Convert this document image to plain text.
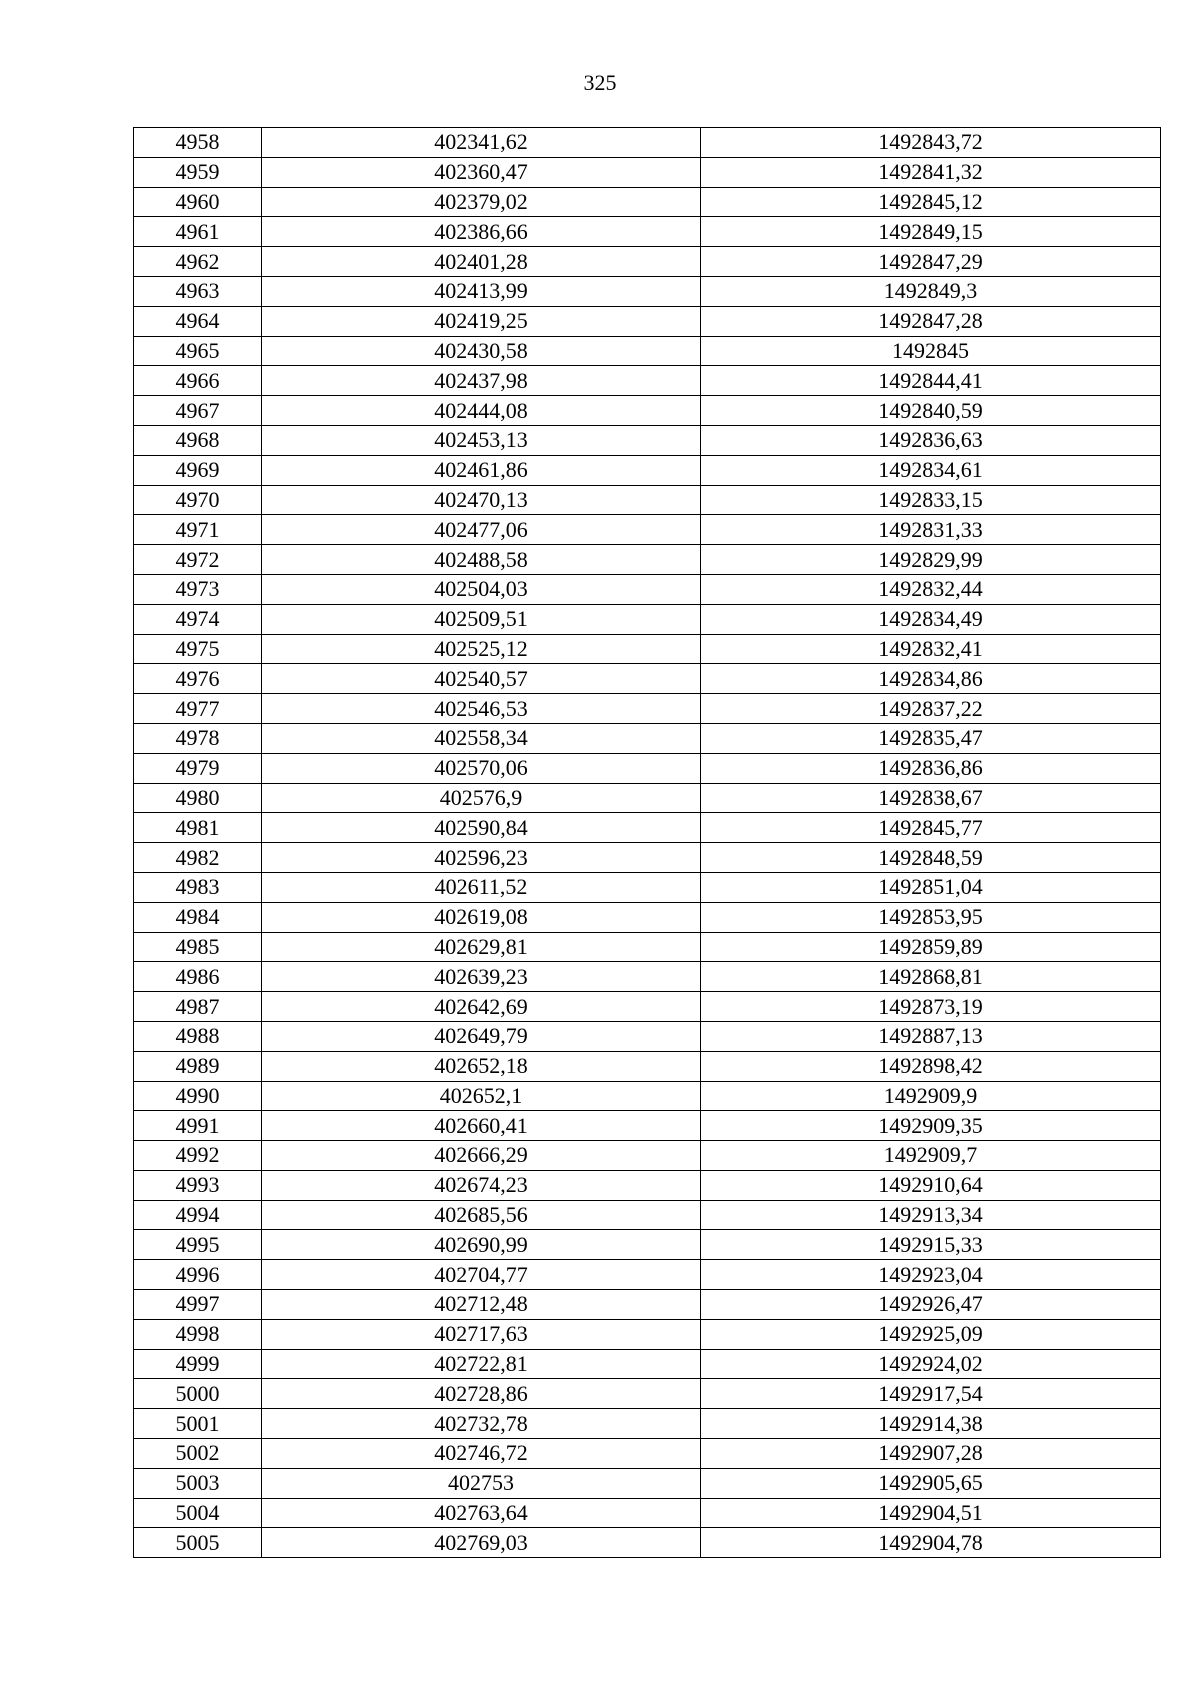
325
4958	402341,62	1492843,72
4959	402360,47	1492841,32
4960	402379,02	1492845,12
4961	402386,66	1492849,15
4962	402401,28	1492847,29
4963	402413,99	1492849,3
4964	402419,25	1492847,28
4965	402430,58	1492845
4966	402437,98	1492844,41
4967	402444,08	1492840,59
4968	402453,13	1492836,63
4969	402461,86	1492834,61
4970	402470,13	1492833,15
4971	402477,06	1492831,33
4972	402488,58	1492829,99
4973	402504,03	1492832,44
4974	402509,51	1492834,49
4975	402525,12	1492832,41
4976	402540,57	1492834,86
4977	402546,53	1492837,22
4978	402558,34	1492835,47
4979	402570,06	1492836,86
4980	402576,9	1492838,67
4981	402590,84	1492845,77
4982	402596,23	1492848,59
4983	402611,52	1492851,04
4984	402619,08	1492853,95
4985	402629,81	1492859,89
4986	402639,23	1492868,81
4987	402642,69	1492873,19
4988	402649,79	1492887,13
4989	402652,18	1492898,42
4990	402652,1	1492909,9
4991	402660,41	1492909,35
4992	402666,29	1492909,7
4993	402674,23	1492910,64
4994	402685,56	1492913,34
4995	402690,99	1492915,33
4996	402704,77	1492923,04
4997	402712,48	1492926,47
4998	402717,63	1492925,09
4999	402722,81	1492924,02
5000	402728,86	1492917,54
5001	402732,78	1492914,38
5002	402746,72	1492907,28
5003	402753	1492905,65
5004	402763,64	1492904,51
5005	402769,03	1492904,78
